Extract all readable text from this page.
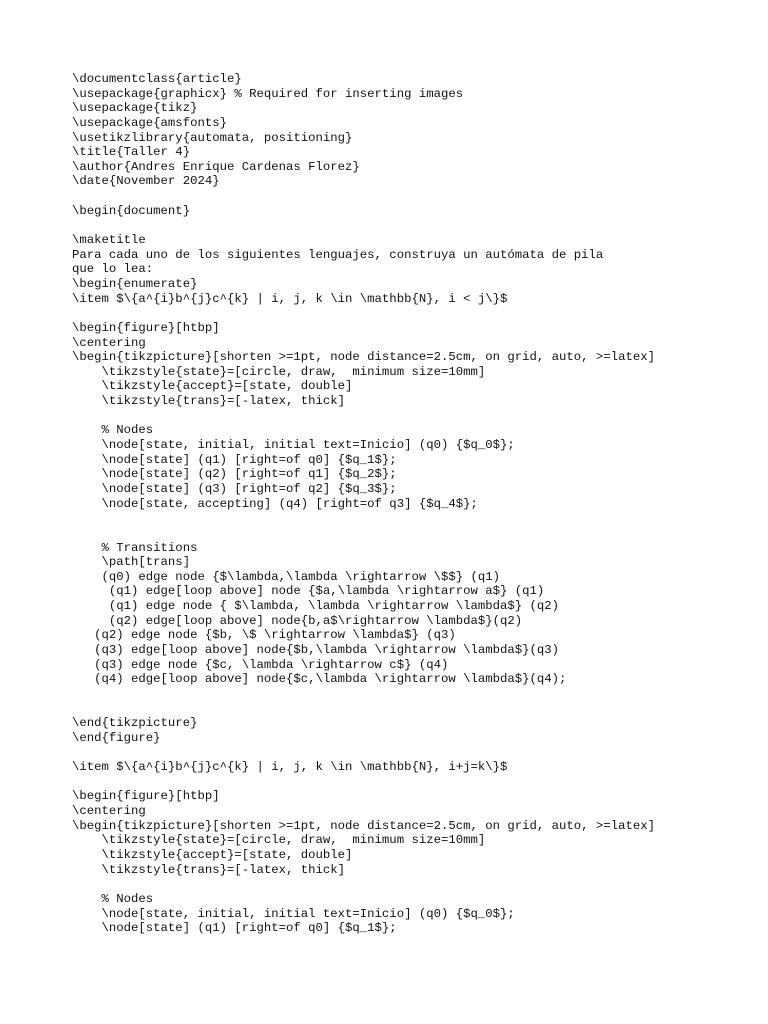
\documentclass{article}
\usepackage{graphicx} % Required for inserting images
\usepackage{tikz}
\usepackage{amsfonts}
\usetikzlibrary{automata, positioning}
\title{Taller 4}
\author{Andres Enrique Cardenas Florez}
\date{November 2024}
\begin{document}
\maketitle
Para cada uno de los siguientes lenguajes, construya un autómata de pila
que lo lea:
\begin{enumerate}
\item $\{a^{i}b^{j}c^{k} | i, j, k \in \mathbb{N}, i < j\}$
\begin{figure}[htbp]
\centering
\begin{tikzpicture}[shorten >=1pt, node distance=2.5cm, on grid, auto, >=latex]
\tikzstyle{state}=[circle, draw,  minimum size=10mm]
\tikzstyle{accept}=[state, double]
\tikzstyle{trans}=[-latex, thick]
% Nodes
\node[state, initial, initial text=Inicio] (q0) {$q_0$};
\node[state] (q1) [right=of q0] {$q_1$};
\node[state] (q2) [right=of q1] {$q_2$};
\node[state] (q3) [right=of q2] {$q_3$};
\node[state, accepting] (q4) [right=of q3] {$q_4$};
% Transitions
\path[trans]
(q0) edge node {$\lambda,\lambda \rightarrow \$$} (q1)
(q1) edge[loop above] node {$a,\lambda \rightarrow a$} (q1)
(q1) edge node { $\lambda, \lambda \rightarrow \lambda$} (q2)
(q2) edge[loop above] node{b,a$\rightarrow \lambda$}(q2)
(q2) edge node {$b, \$ \rightarrow \lambda$} (q3)
(q3) edge[loop above] node{$b,\lambda \rightarrow \lambda$}(q3)
(q3) edge node {$c, \lambda \rightarrow c$} (q4)
(q4) edge[loop above] node{$c,\lambda \rightarrow \lambda$}(q4);
\end{tikzpicture}
\end{figure}
\item $\{a^{i}b^{j}c^{k} | i, j, k \in \mathbb{N}, i+j=k\}$
\begin{figure}[htbp]
\centering
\begin{tikzpicture}[shorten >=1pt, node distance=2.5cm, on grid, auto, >=latex]
\tikzstyle{state}=[circle, draw,  minimum size=10mm]
\tikzstyle{accept}=[state, double]
\tikzstyle{trans}=[-latex, thick]
% Nodes
\node[state, initial, initial text=Inicio] (q0) {$q_0$};
\node[state] (q1) [right=of q0] {$q_1$};
